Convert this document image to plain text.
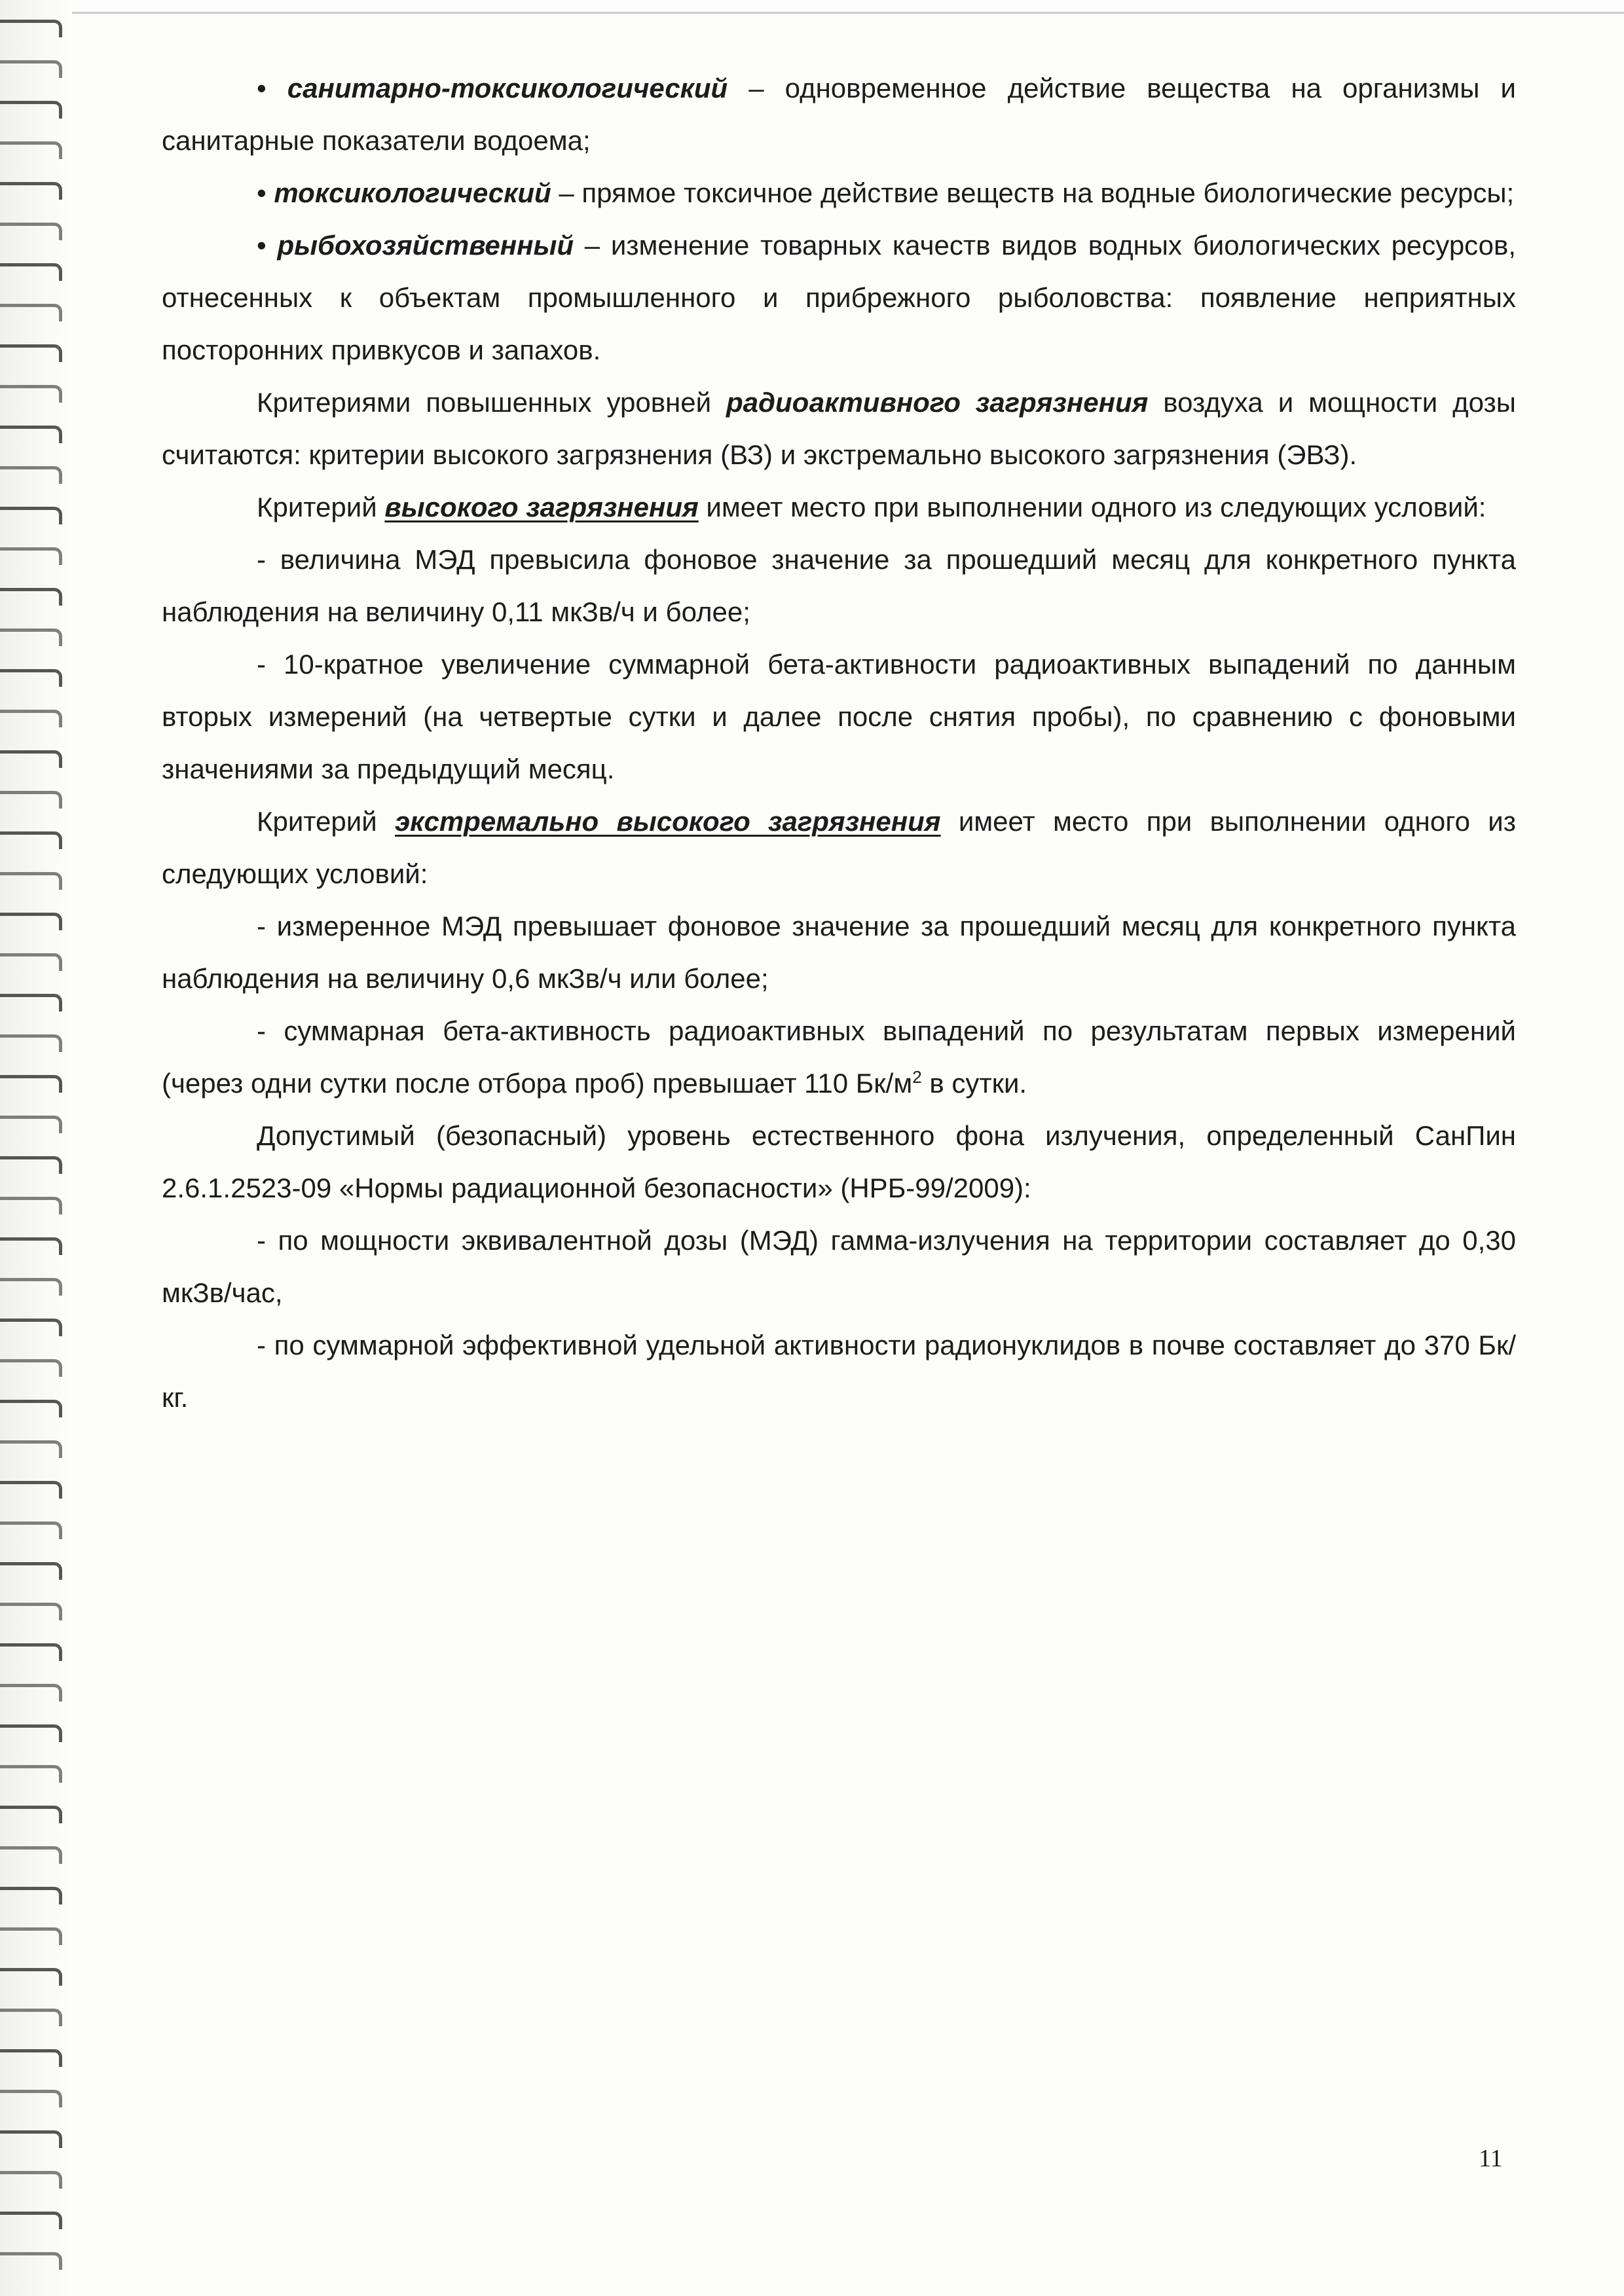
• санитарно-токсикологический – одновременное действие вещества на организмы и санитарные показатели водоема;

• токсикологический – прямое токсичное действие веществ на водные биологические ресурсы;

• рыбохозяйственный – изменение товарных качеств видов водных биологических ресурсов, отнесенных к объектам промышленного и прибрежного рыболовства: появление неприятных посторонних привкусов и запахов.

Критериями повышенных уровней радиоактивного загрязнения воздуха и мощности дозы считаются: критерии высокого загрязнения (ВЗ) и экстремально высокого загрязнения (ЭВЗ).

Критерий высокого загрязнения имеет место при выполнении одного из следующих условий:

- величина МЭД превысила фоновое значение за прошедший месяц для конкретного пункта наблюдения на величину 0,11 мкЗв/ч и более;

- 10-кратное увеличение суммарной бета-активности радиоактивных выпадений по данным вторых измерений (на четвертые сутки и далее после снятия пробы), по сравнению с фоновыми значениями за предыдущий месяц.

Критерий экстремально высокого загрязнения имеет место при выполнении одного из следующих условий:

- измеренное МЭД превышает фоновое значение за прошедший месяц для конкретного пункта наблюдения на величину 0,6 мкЗв/ч или более;

- суммарная бета-активность радиоактивных выпадений по результатам первых измерений (через одни сутки после отбора проб) превышает 110 $Бк/м^2$ в сутки.

Допустимый (безопасный) уровень естественного фона излучения, определенный СанПин 2.6.1.2523-09 «Нормы радиационной безопасности» (НРБ-99/2009):

- по мощности эквивалентной дозы (МЭД) гамма-излучения на территории составляет до 0,30 мкЗв/час,

- по суммарной эффективной удельной активности радионуклидов в почве составляет до 370 Бк/кг.

11
